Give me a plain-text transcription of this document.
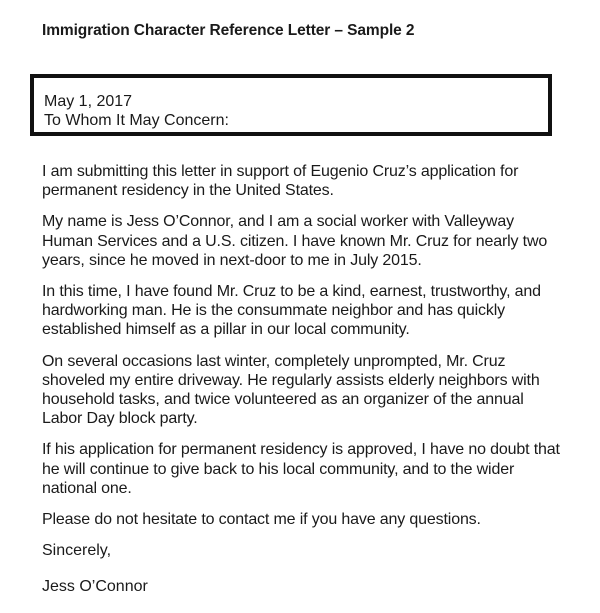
Immigration Character Reference Letter – Sample 2

May 1, 2017

To Whom It May Concern:

I am submitting this letter in support of Eugenio Cruz’s application for permanent residency in the United States.

My name is Jess O’Connor, and I am a social worker with Valleyway Human Services and a U.S. citizen. I have known Mr. Cruz for nearly two years, since he moved in next-door to me in July 2015.

In this time, I have found Mr. Cruz to be a kind, earnest, trustworthy, and hardworking man. He is the consummate neighbor and has quickly established himself as a pillar in our local community.

On several occasions last winter, completely unprompted, Mr. Cruz shoveled my entire driveway. He regularly assists elderly neighbors with household tasks, and twice volunteered as an organizer of the annual Labor Day block party.

If his application for permanent residency is approved, I have no doubt that he will continue to give back to his local community, and to the wider national one.

Please do not hesitate to contact me if you have any questions.

Sincerely,

Jess O’Connor
